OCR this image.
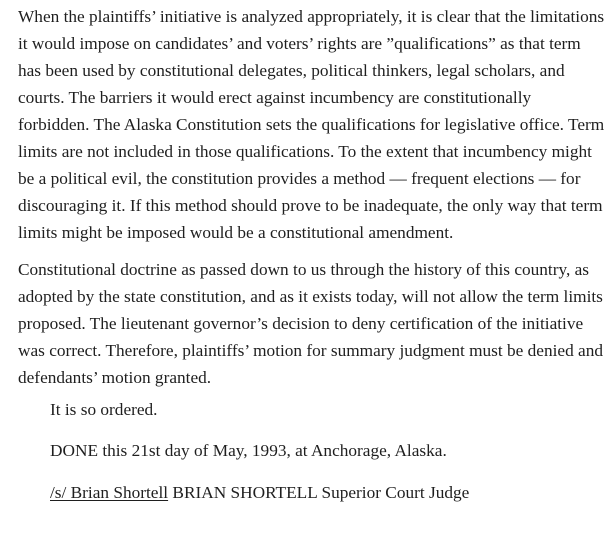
When the plaintiffs’ initiative is analyzed appropriately, it is clear that the limitations it would impose on candidates’ and voters’ rights are ”qualifications” as that term has been used by constitutional delegates, political thinkers, legal scholars, and courts. The barriers it would erect against incumbency are constitutionally forbidden. The Alaska Constitution sets the qualifications for legislative office. Term limits are not included in those qualifications. To the extent that incumbency might be a political evil, the constitution provides a method — frequent elections — for discouraging it. If this method should prove to be inadequate, the only way that term limits might be imposed would be a constitutional amendment.

Constitutional doctrine as passed down to us through the history of this country, as adopted by the state constitution, and as it exists today, will not allow the term limits proposed. The lieutenant governor’s decision to deny certification of the initiative was correct. Therefore, plaintiffs’ motion for summary judgment must be denied and defendants’ motion granted.

It is so ordered.

DONE this 21st day of May, 1993, at Anchorage, Alaska.

/s/ Brian Shortell BRIAN SHORTELL Superior Court Judge
